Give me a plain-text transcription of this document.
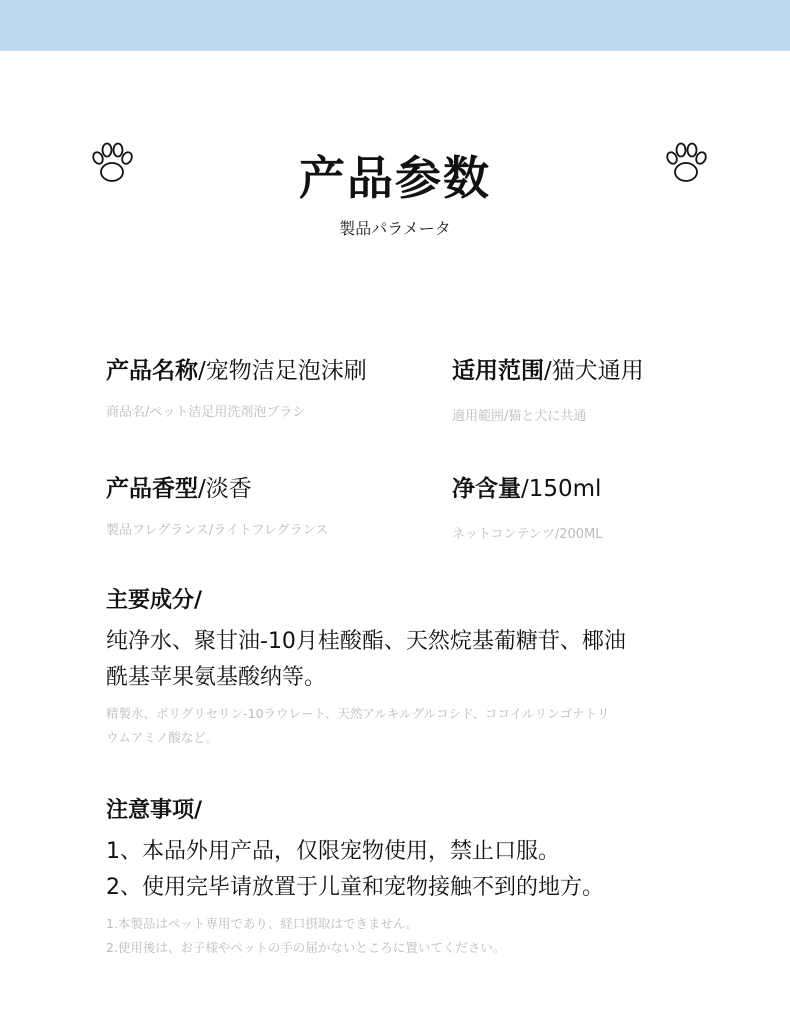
产品参数
製品パラメータ
产品名称/宠物洁足泡沫刷
商品名/ペット洁足用洗剤泡ブラシ
适用范围/猫犬通用
適用範囲/猫と犬に共通
产品香型/淡香
製品フレグランス/ライトフレグランス
净含量/150ml
ネットコンテンツ/200ML
主要成分/
纯净水、聚甘油-10月桂酸酯、天然烷基葡糖苷、椰油
酰基苹果氨基酸纳等。
精製水、ポリグリセリン-10ラウレート、天然アルキルグルコシド、ココイルリンゴナトリ
ウムアミノ酸など。
注意事项/
1、本品外用产品，仅限宠物使用，禁止口服。
2、使用完毕请放置于儿童和宠物接触不到的地方。
1.本製品はペット専用であり、経口摂取はできません。
2.使用後は、お子様やペットの手の届かないところに置いてください。
